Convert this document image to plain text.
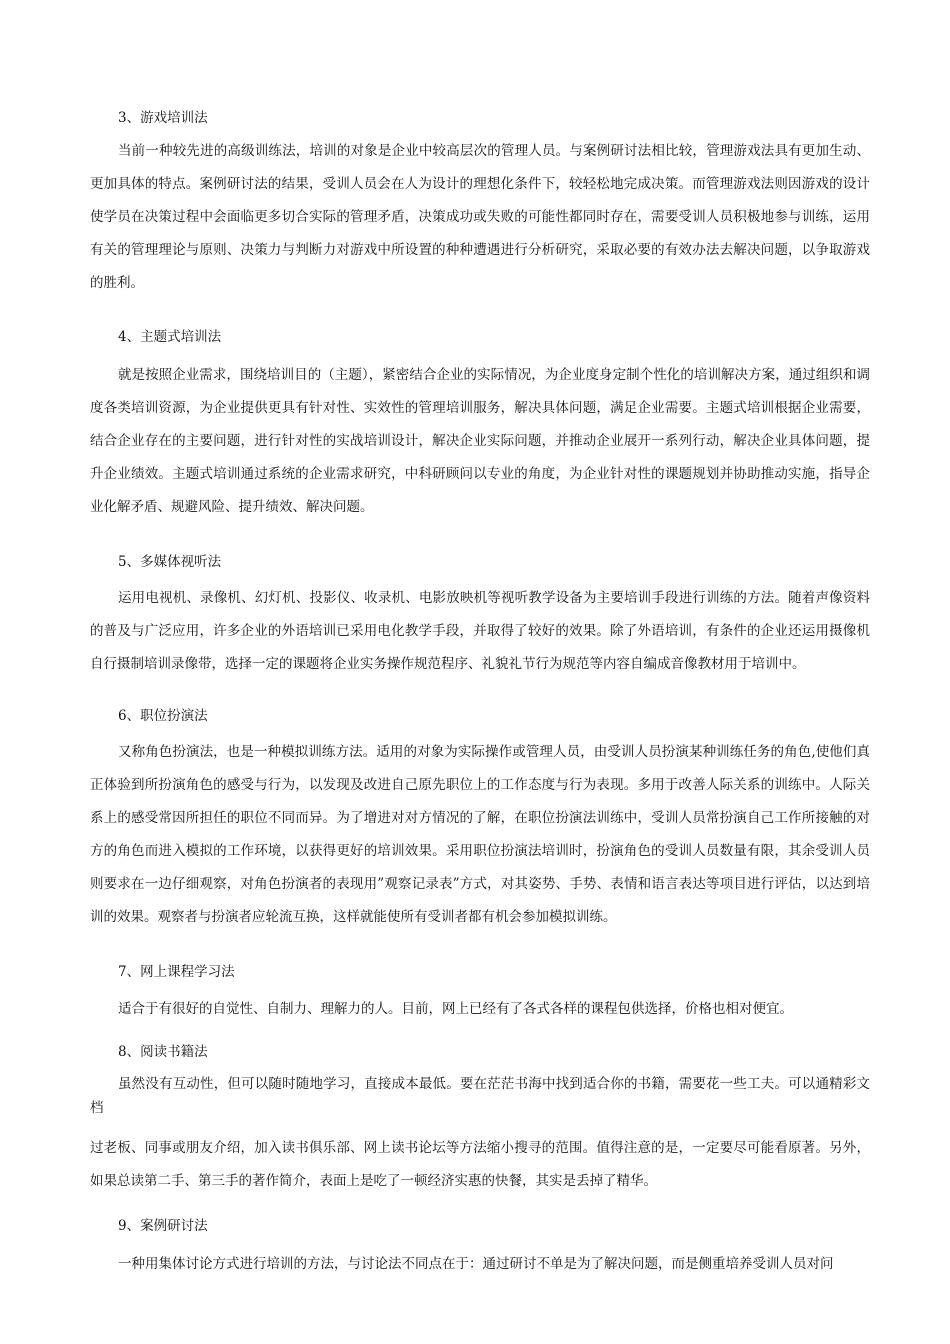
3、游戏培训法
当前一种较先进的高级训练法，培训的对象是企业中较高层次的管理人员。与案例研讨法相比较，管理游戏法具有更加生动、更加具体的特点。案例研讨法的结果，受训人员会在人为设计的理想化条件下，较轻松地完成决策。而管理游戏法则因游戏的设计使学员在决策过程中会面临更多切合实际的管理矛盾，决策成功或失败的可能性都同时存在，需要受训人员积极地参与训练，运用有关的管理理论与原则、决策力与判断力对游戏中所设置的种种遭遇进行分析研究，采取必要的有效办法去解决问题，以争取游戏的胜利。
4、主题式培训法
就是按照企业需求，围绕培训目的（主题），紧密结合企业的实际情况，为企业度身定制个性化的培训解决方案，通过组织和调度各类培训资源，为企业提供更具有针对性、实效性的管理培训服务，解决具体问题，满足企业需要。主题式培训根据企业需要，结合企业存在的主要问题，进行针对性的实战培训设计，解决企业实际问题，并推动企业展开一系列行动，解决企业具体问题，提升企业绩效。主题式培训通过系统的企业需求研究，中科研顾问以专业的角度，为企业针对性的课题规划并协助推动实施，指导企业化解矛盾、规避风险、提升绩效、解决问题。
5、多媒体视听法
运用电视机、录像机、幻灯机、投影仪、收录机、电影放映机等视听教学设备为主要培训手段进行训练的方法。随着声像资料的普及与广泛应用，许多企业的外语培训已采用电化教学手段，并取得了较好的效果。除了外语培训，有条件的企业还运用摄像机自行摄制培训录像带，选择一定的课题将企业实务操作规范程序、礼貌礼节行为规范等内容自编成音像教材用于培训中。
6、职位扮演法
又称角色扮演法，也是一种模拟训练方法。适用的对象为实际操作或管理人员，由受训人员扮演某种训练任务的角色,使他们真正体验到所扮演角色的感受与行为，以发现及改进自己原先职位上的工作态度与行为表现。多用于改善人际关系的训练中。人际关系上的感受常因所担任的职位不同而异。为了增进对对方情况的了解，在职位扮演法训练中，受训人员常扮演自己工作所接触的对方的角色而进入模拟的工作环境，以获得更好的培训效果。采用职位扮演法培训时，扮演角色的受训人员数量有限，其余受训人员则要求在一边仔细观察，对角色扮演者的表现用”观察记录表”方式，对其姿势、手势、表情和语言表达等项目进行评估，以达到培训的效果。观察者与扮演者应轮流互换，这样就能使所有受训者都有机会参加模拟训练。
7、网上课程学习法
适合于有很好的自觉性、自制力、理解力的人。目前，网上已经有了各式各样的课程包供选择，价格也相对便宜。
8、阅读书籍法
虽然没有互动性，但可以随时随地学习，直接成本最低。要在茫茫书海中找到适合你的书籍，需要花一些工夫。可以通精彩文档
过老板、同事或朋友介绍，加入读书俱乐部、网上读书论坛等方法缩小搜寻的范围。值得注意的是，一定要尽可能看原著。另外，如果总读第二手、第三手的著作简介，表面上是吃了一顿经济实惠的快餐，其实是丢掉了精华。
9、案例研讨法
一种用集体讨论方式进行培训的方法，与讨论法不同点在于：通过研讨不单是为了解决问题，而是侧重培养受训人员对问
